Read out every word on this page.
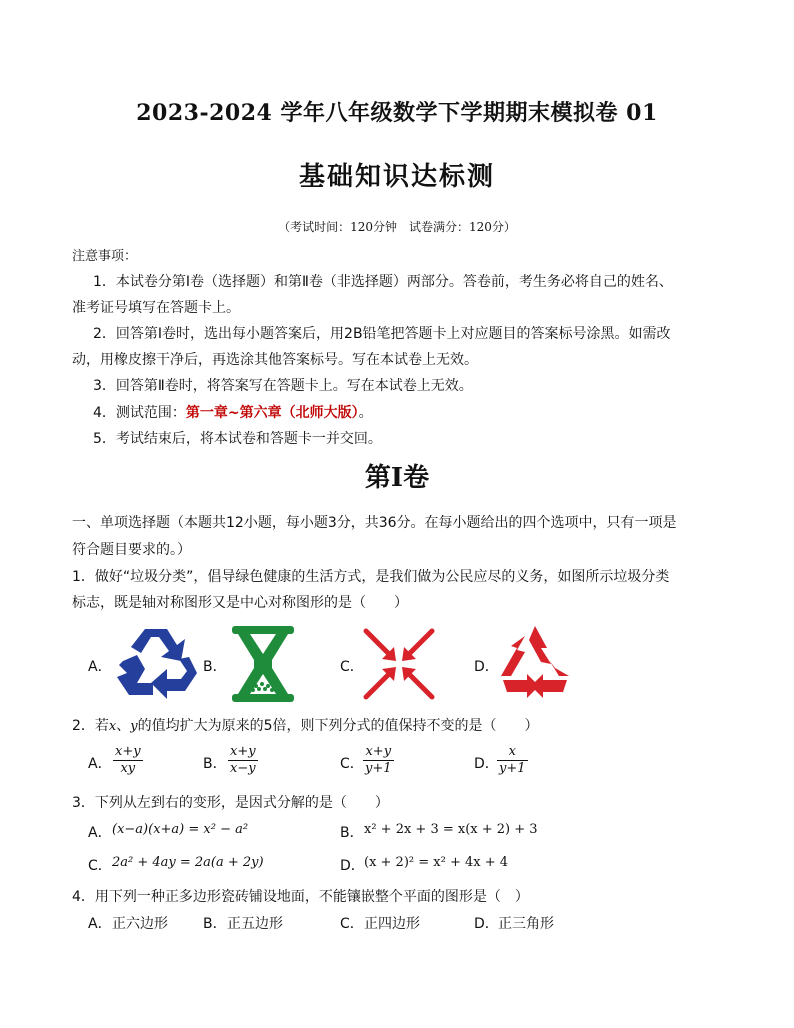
2023-2024 学年八年级数学下学期期末模拟卷 01
基础知识达标测
（考试时间：120分钟　试卷满分：120分）
注意事项：
1．本试卷分第Ⅰ卷（选择题）和第Ⅱ卷（非选择题）两部分。答卷前，考生务必将自己的姓名、
准考证号填写在答题卡上。
2．回答第Ⅰ卷时，选出每小题答案后，用2B铅笔把答题卡上对应题目的答案标号涂黑。如需改
动，用橡皮擦干净后，再选涂其他答案标号。写在本试卷上无效。
3．回答第Ⅱ卷时，将答案写在答题卡上。写在本试卷上无效。
4．测试范围：第一章~第六章（北师大版）。
5．考试结束后，将本试卷和答题卡一并交回。
第Ⅰ卷
一、单项选择题（本题共12小题，每小题3分，共36分。在每小题给出的四个选项中，只有一项是
符合题目要求的。）
1．做好“垃圾分类”，倡导绿色健康的生活方式，是我们做为公民应尽的义务，如图所示垃圾分类
标志，既是轴对称图形又是中心对称图形的是（　　）
A．	B．	C．	D．
2．若x、y的值均扩大为原来的5倍，则下列分式的值保持不变的是（　　）
A． $\frac{x+y}{xy}$	B． $\frac{x+y}{x-y}$	C． $\frac{x+y}{y+1}$	D．
$\frac{x}{y+1}$
3．下列从左到右的变形，是因式分解的是（　　）
A． (x−a)(x+a) = x² − a²	B． x² + 2x + 3 = x(x + 2) + 3
C． 2a² + 4ay = 2a(a + 2y)	D． (x + 2)² = x² + 4x + 4
4．用下列一种正多边形瓷砖铺设地面，不能镶嵌整个平面的图形是（　）
A． 正六边形	B． 正五边形	C． 正四边形	D． 正三角形
